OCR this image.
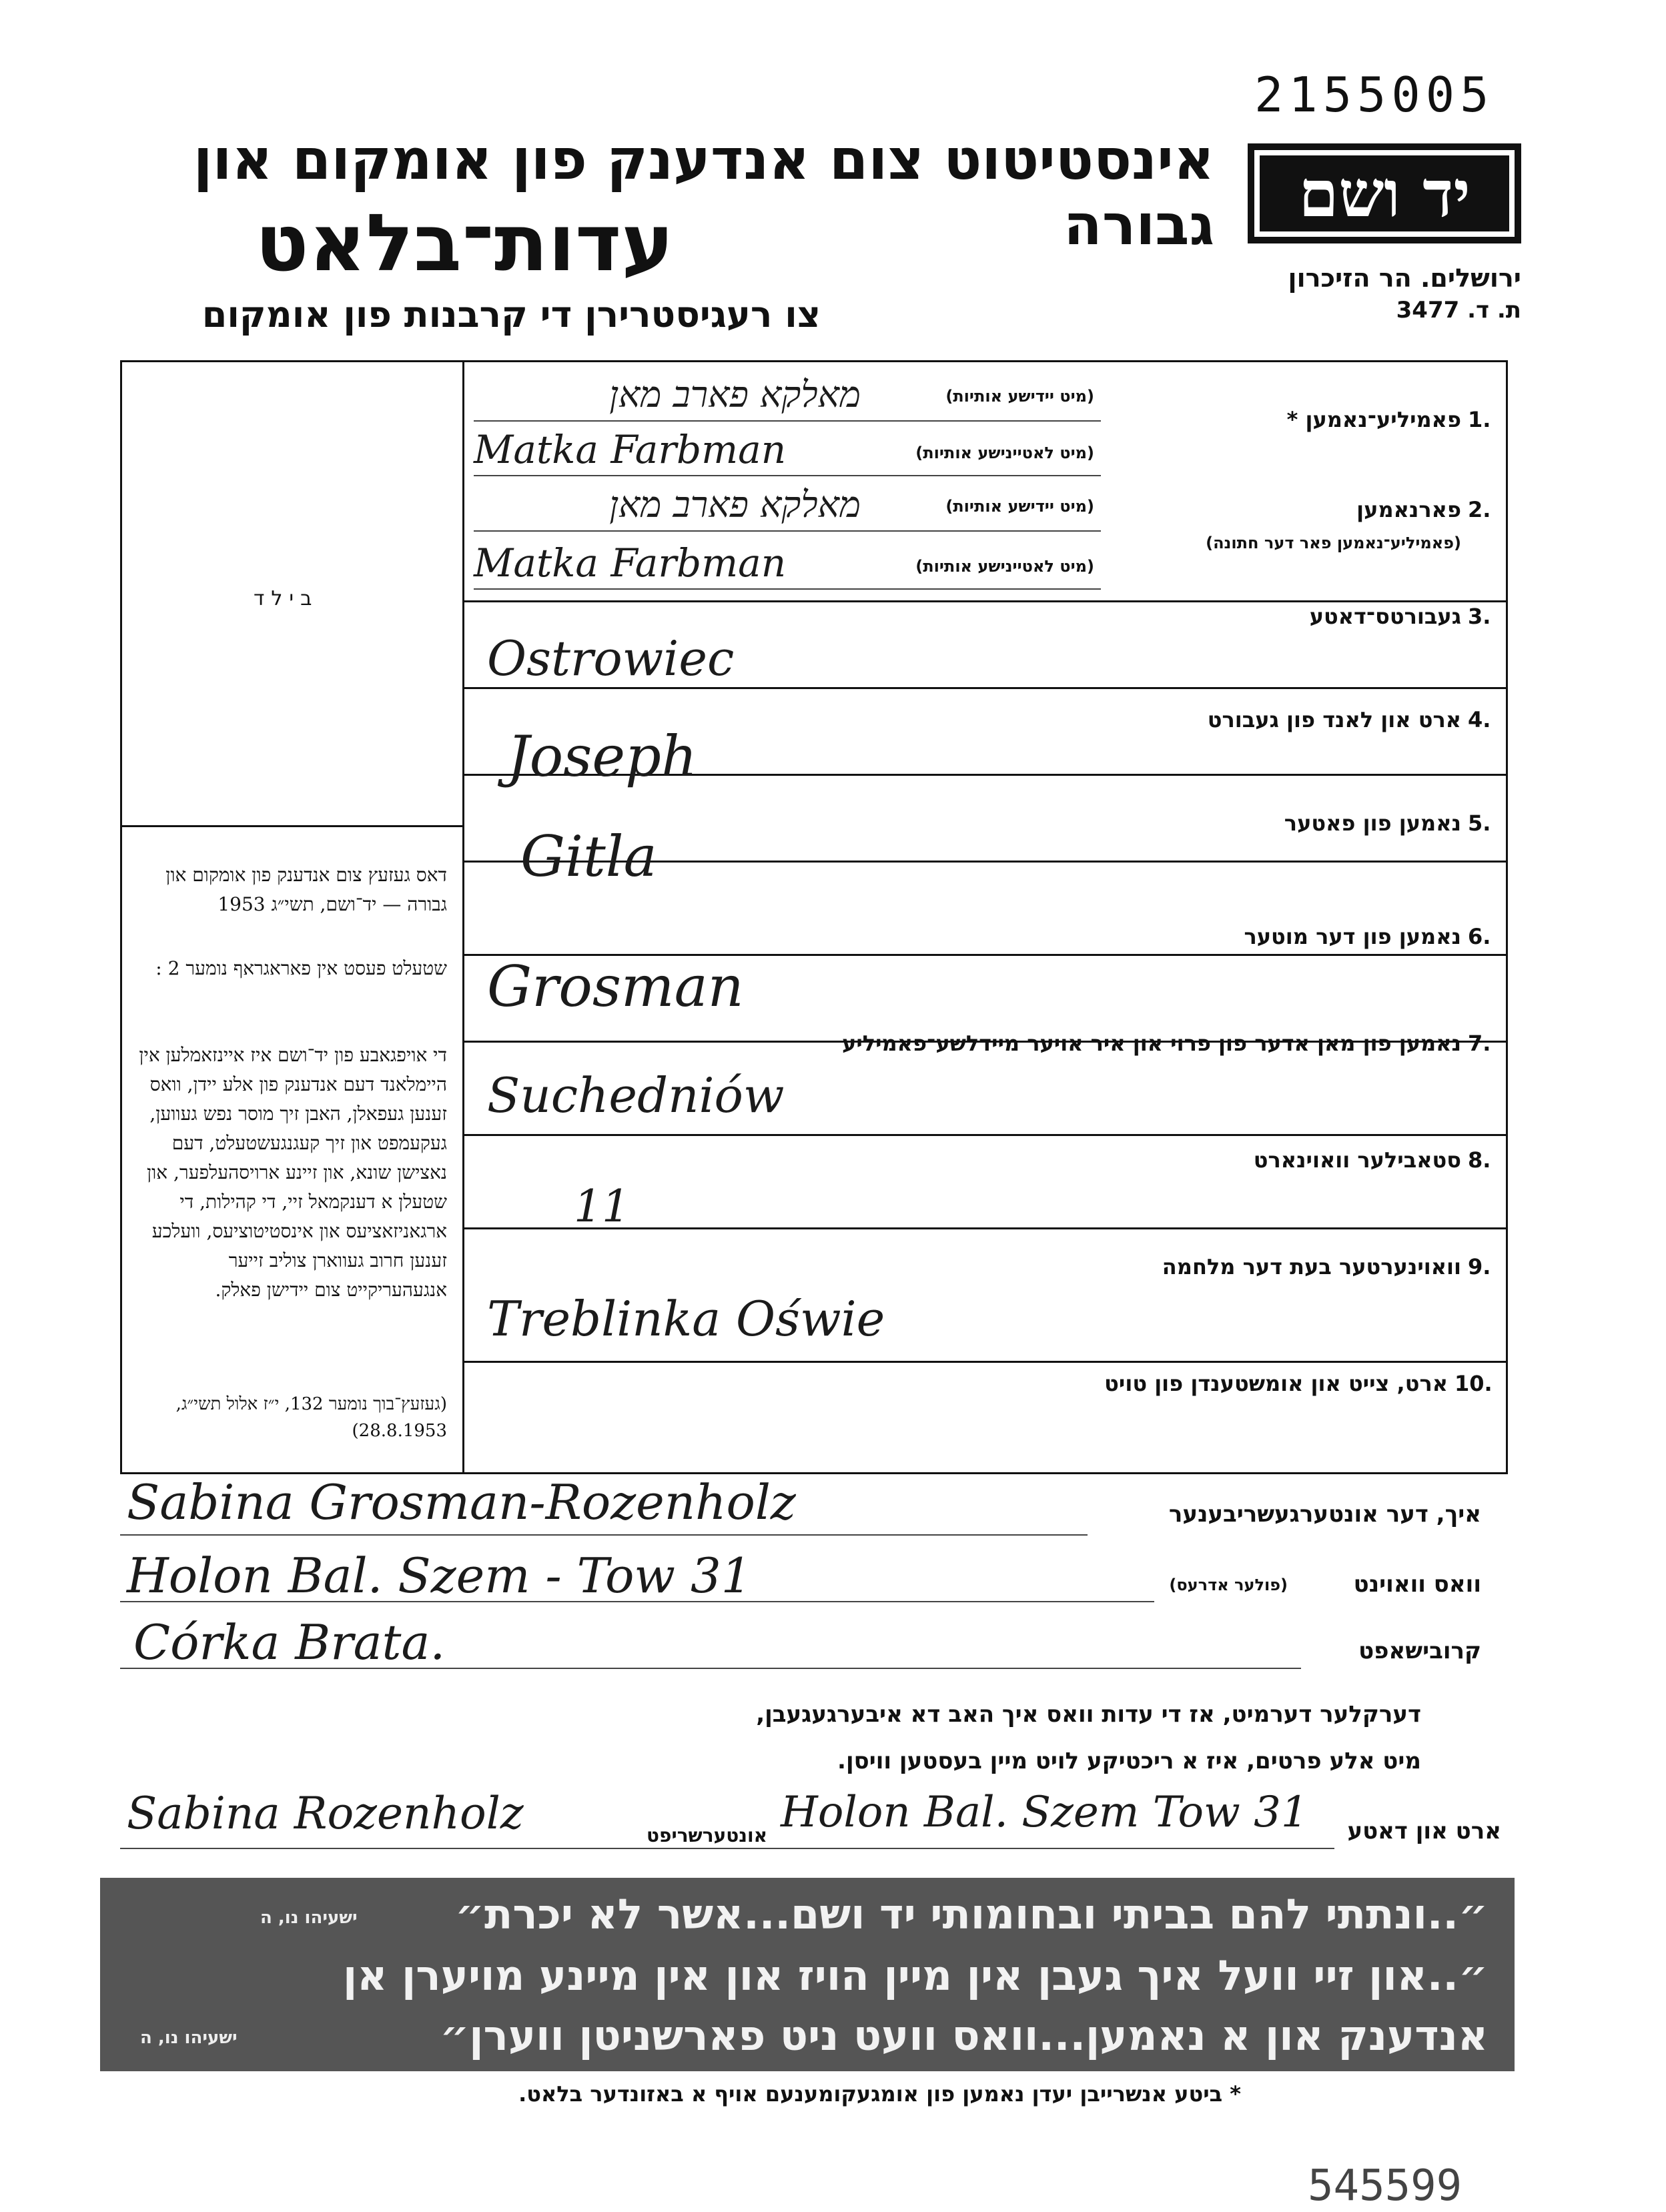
2155005
אינסטיטוט צום אנדענק פון אומקום און גבורה
עדות־בלאט
צו רעגיסטרירן די קרבנות פון אומקום
יד ושם
ירושלים. הר הזיכרון
ת. ד. 3477
בילד
דאס געזעץ צום אנדענק פון אומקום און גבורה — יד־ושם, תשי״ג 1953
שטעלט פעסט אין פאראגראף נומער 2 :
די אויפגאבע פון יד־ושם איז איינזאמלען אין היימלאנד דעם אנדענק פון אלע יידן, וואס זענען געפאלן, האבן זיך מוסר נפש געווען, געקעמפט און זיך קעגנגעשטעלט, דעם נאצישן שונא, און זיינע ארויסהעלפער, און שטעלן א דענקמאל זיי, די קהילות, די ארגאניזאציעס און אינסטיטוציעס, וועלכע זענען חרוב געווארן צוליב זייער אנגעהעריקייט צום יידישן פאלק.
(געזעץ־בוך נומער 132, י״ז אלול תשי״ג, 28.8.1953)
1.
פאמיליע־נאמען *
(מיט יידישע אותיות)
מאלקא פארב מאן
(מיט לאטיינישע אותיות)
Matka Farbman
2.
פארנאמען
(פאמיליע־נאמען פאר דער חתונה)
(מיט יידישע אותיות)
מאלקא פארב מאן
(מיט לאטיינישע אותיות)
Matka Farbman
3.
געבורטס־דאטע
Ostrowiec
4.
ארט און לאנד פון געבורט
Joseph
5.
נאמען פון פאטער
Gitla
6.
נאמען פון דער מוטער
Grosman
7.
נאמען פון מאן אדער פון פרוי און איר אויער מיידלשע־פאמיליע
Suchedniów
8.
סטאבילער וואוינארט
11
9.
וואוינערטער בעת דער מלחמה
Treblinka Oświe
10.
ארט, צייט און אומשטענדן פון טויט
איך, דער אונטערגעשריבענער
Sabina Grosman-Rozenholz
וואס וואוינט
(פולער אדרעס)
Holon Bal. Szem - Tow 31
קרובישאפט
Córka Brata.
דערקלער דערמיט, אז די עדות וואס איך האב דא איבערגעגעבן,
מיט אלע פרטים, איז א ריכטיקע לויט מיין בעסטען וויסן.
ארט און דאטע
Holon Bal. Szem Tow 31
אונטערשריפט
Sabina Rozenholz
״..ונתתי להם בביתי ובחומותי יד ושם...אשר לא יכרת״
ישעיהו נו, ה
״..און זיי וועל איך געבן אין מיין הויז און אין מיינע מויערן אן
אנדענק און א נאמען...וואס וועט ניט פארשניטן ווערן״
ישעיהו נו, ה
* ביטע אנשרייבן יעדן נאמען פון אומגעקומענעם אויף א באזונדער בלאט.
545599
